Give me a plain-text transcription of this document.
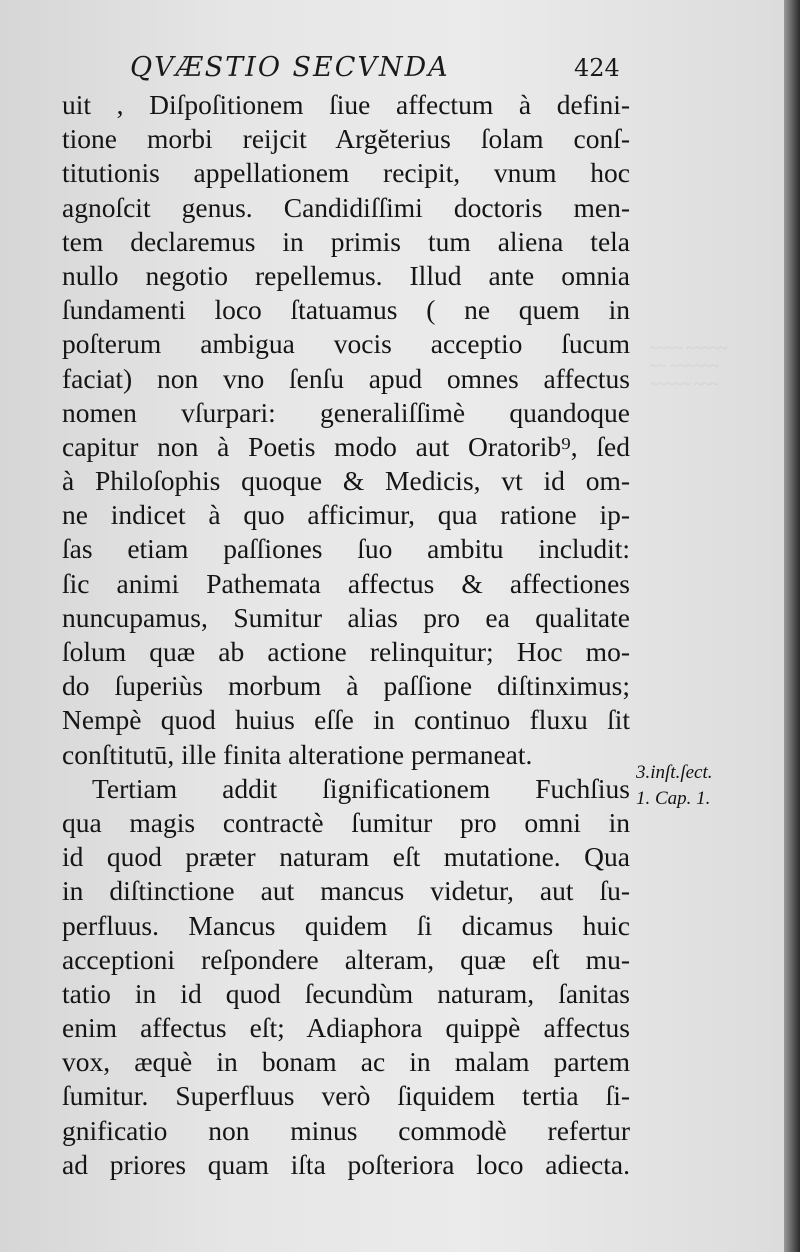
~~~~ ~~~~~
~~ ~~~~~~
~~~~~ ~~~
QVÆSTIO SECVNDA	424
uit , Diſpoſitionem ſiue affectum à defini-
tione morbi reijcit Argĕterius ſolam conſ-
titutionis appellationem recipit, vnum hoc
agnoſcit genus. Candidiſſimi doctoris men-
tem declaremus in primis tum aliena tela
nullo negotio repellemus. Illud ante omnia
ſundamenti loco ſtatuamus ( ne quem in
poſterum ambigua vocis acceptio ſucum
faciat) non vno ſenſu apud omnes affectus
nomen vſurpari: generaliſſimè quandoque
capitur non à Poetis modo aut Oratorib⁹, ſed
à Philoſophis quoque & Medicis, vt id om-
ne indicet à quo afficimur, qua ratione ip-
ſas etiam paſſiones ſuo ambitu includit:
ſic animi Pathemata affectus & affectiones
nuncupamus, Sumitur alias pro ea qualitate
ſolum quæ ab actione relinquitur; Hoc mo-
do ſuperiùs morbum à paſſione diſtinximus;
Nempè quod huius eſſe in continuo fluxu ſit
conſtitutū, ille finita alteratione permaneat.
Tertiam addit ſignificationem Fuchſius
qua magis contractè ſumitur pro omni in
id quod præter naturam eſt mutatione. Qua
in diſtinctione aut mancus videtur, aut ſu-
perfluus. Mancus quidem ſi dicamus huic
acceptioni reſpondere alteram, quæ eſt mu-
tatio in id quod ſecundùm naturam, ſanitas
enim affectus eſt; Adiaphora quippè affectus
vox, æquè in bonam ac in malam partem
ſumitur. Superfluus verò ſiquidem tertia ſi-
gnificatio non minus commodè refertur
ad priores quam iſta poſteriora loco adiecta.
3.inſt.ſect.
1. Cap. 1.
